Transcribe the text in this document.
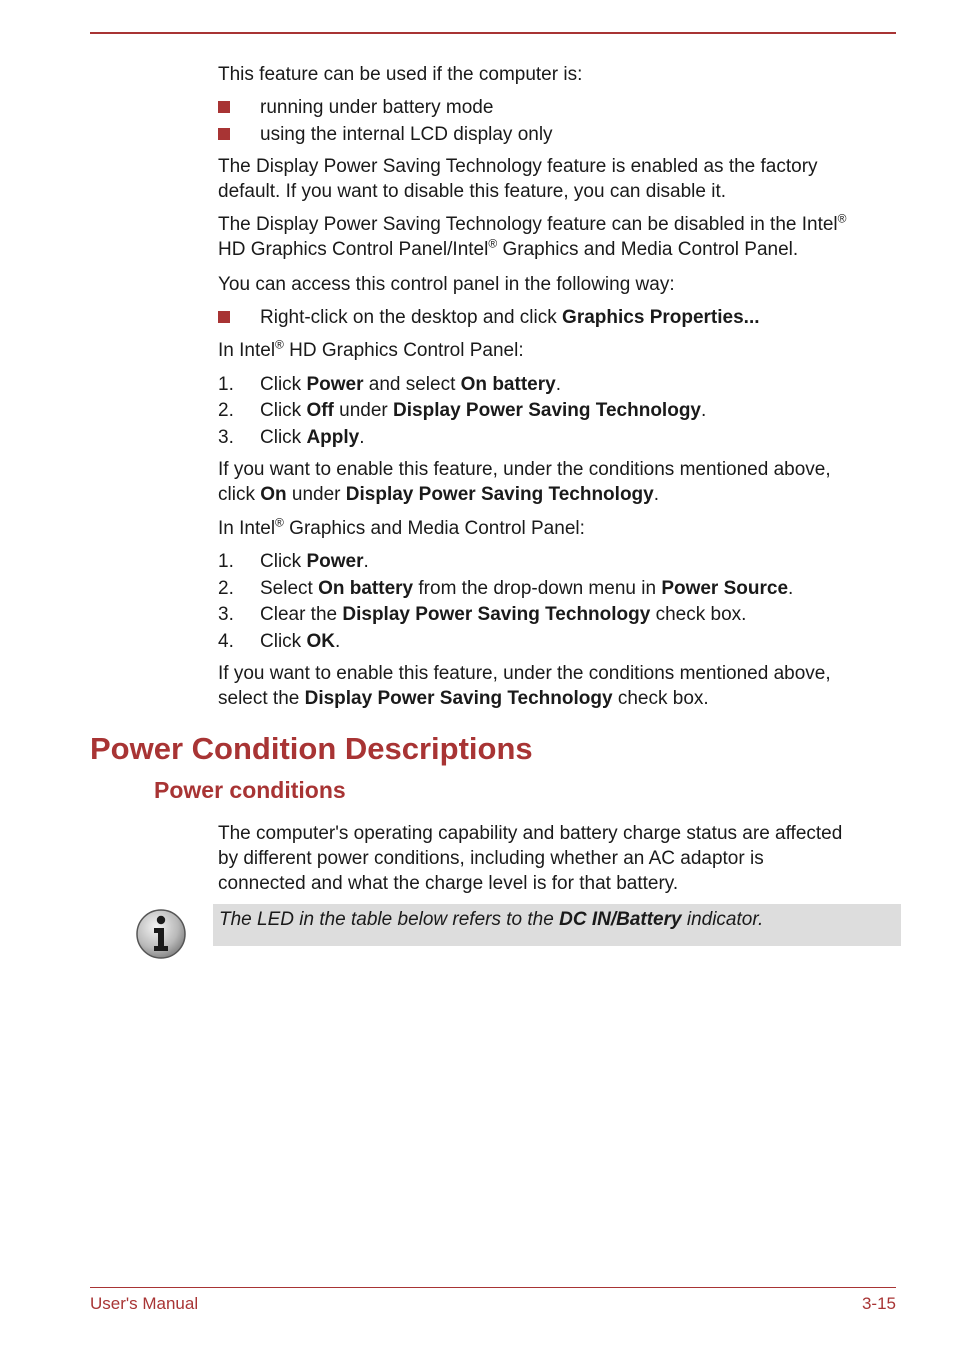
This feature can be used if the computer is:

running under battery mode
using the internal LCD display only

The Display Power Saving Technology feature is enabled as the factory
default. If you want to disable this feature, you can disable it.

The Display Power Saving Technology feature can be disabled in the Intel®
HD Graphics Control Panel/Intel® Graphics and Media Control Panel.

You can access this control panel in the following way:

Right-click on the desktop and click Graphics Properties...

In Intel® HD Graphics Control Panel:

1. Click Power and select On battery.
2. Click Off under Display Power Saving Technology.
3. Click Apply.

If you want to enable this feature, under the conditions mentioned above,
click On under Display Power Saving Technology.

In Intel® Graphics and Media Control Panel:

1. Click Power.
2. Select On battery from the drop-down menu in Power Source.
3. Clear the Display Power Saving Technology check box.
4. Click OK.

If you want to enable this feature, under the conditions mentioned above,
select the Display Power Saving Technology check box.

Power Condition Descriptions
Power conditions

The computer's operating capability and battery charge status are affected
by different power conditions, including whether an AC adaptor is
connected and what the charge level is for that battery.

The LED in the table below refers to the DC IN/Battery indicator.
User's Manual	3-15
